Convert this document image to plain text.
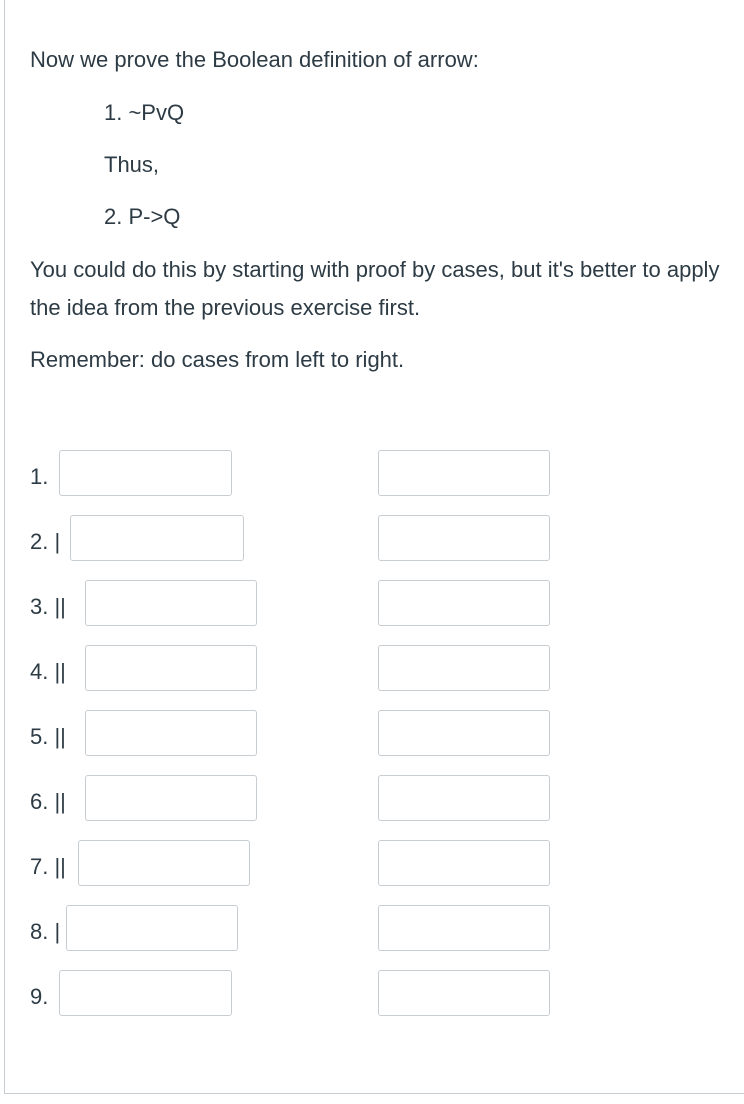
Now we prove the Boolean definition of arrow:
1. ~PvQ
Thus,
2. P->Q
You could do this by starting with proof by cases, but it's better to apply the idea from the previous exercise first.
Remember: do cases from left to right.
1.
2. |
3. ||
4. ||
5. ||
6. ||
7. ||
8. |
9.
